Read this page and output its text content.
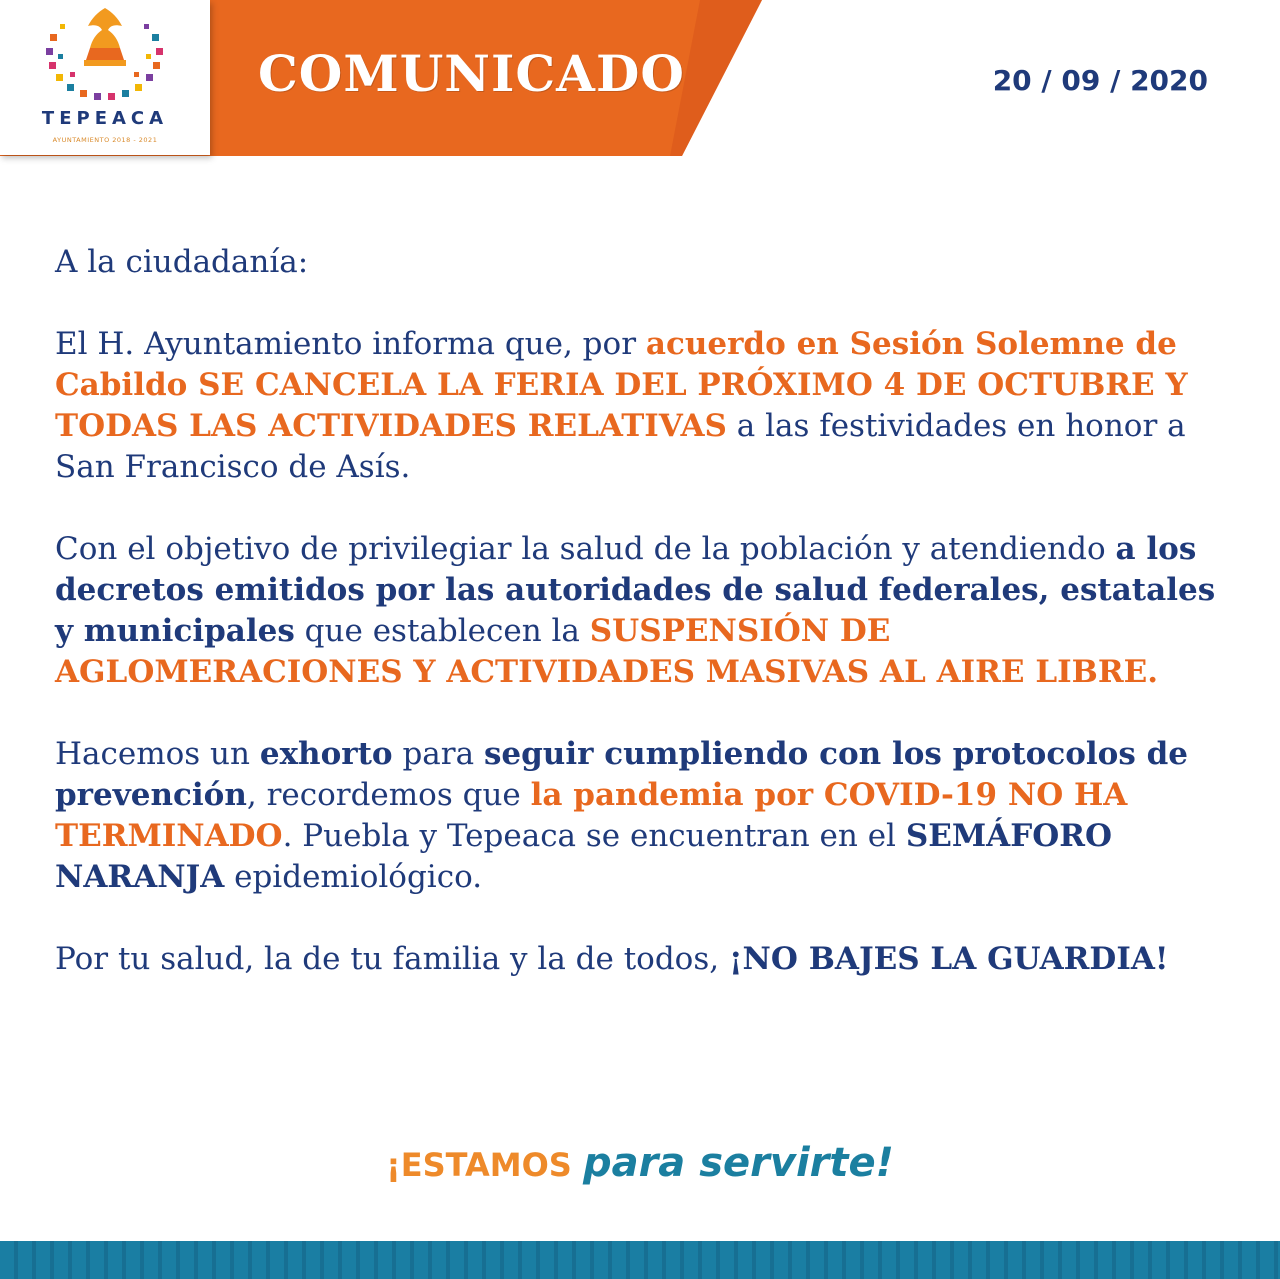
TEPEACA
AYUNTAMIENTO 2018 - 2021
COMUNICADO	20 / 09 / 2020

A la ciudadanía:

El H. Ayuntamiento informa que, por acuerdo en Sesión Solemne de Cabildo SE CANCELA LA FERIA DEL PRÓXIMO 4 DE OCTUBRE Y TODAS LAS ACTIVIDADES RELATIVAS a las festividades en honor a San Francisco de Asís.

Con el objetivo de privilegiar la salud de la población y atendiendo a los decretos emitidos por las autoridades de salud federales, estatales y municipales que establecen la SUSPENSIÓN DE AGLOMERACIONES Y ACTIVIDADES MASIVAS AL AIRE LIBRE.

Hacemos un exhorto para seguir cumpliendo con los protocolos de prevención, recordemos que la pandemia por COVID-19 NO HA TERMINADO. Puebla y Tepeaca se encuentran en el SEMÁFORO NARANJA epidemiológico.

Por tu salud, la de tu familia y la de todos, ¡NO BAJES LA GUARDIA!

¡ESTAMOS para servirte!
